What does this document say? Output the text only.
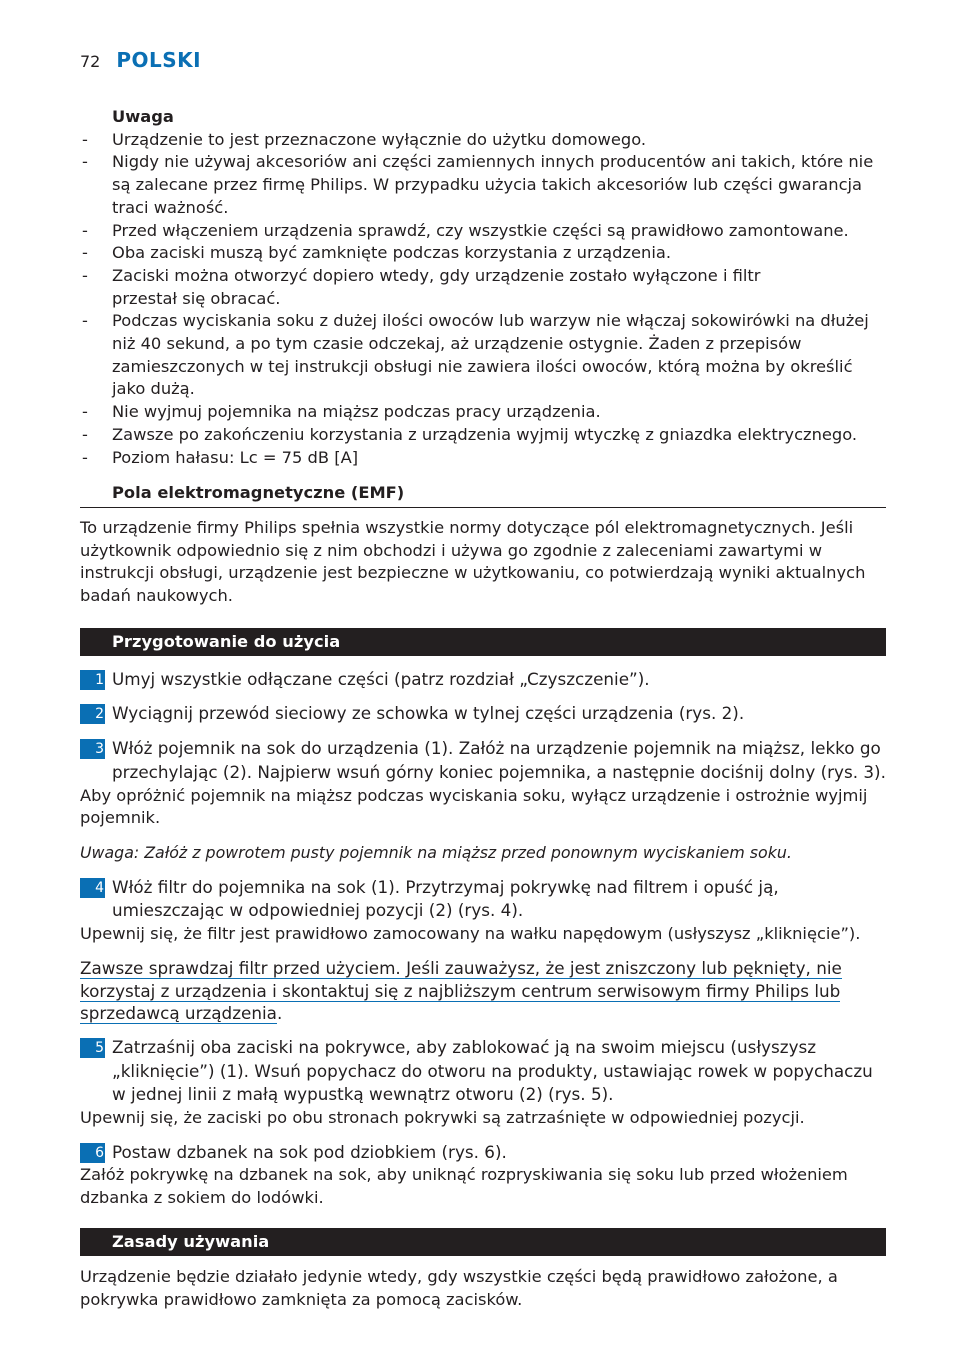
72 POLSKI
Uwaga
- Urządzenie to jest przeznaczone wyłącznie do użytku domowego.
- Nigdy nie używaj akcesoriów ani części zamiennych innych producentów ani takich, które nie są zalecane przez firmę Philips. W przypadku użycia takich akcesoriów lub części gwarancja traci ważność.
- Przed włączeniem urządzenia sprawdź, czy wszystkie części są prawidłowo zamontowane.
- Oba zaciski muszą być zamknięte podczas korzystania z urządzenia.
- Zaciski można otworzyć dopiero wtedy, gdy urządzenie zostało wyłączone i filtr przestał się obracać.
- Podczas wyciskania soku z dużej ilości owoców lub warzyw nie włączaj sokowirówki na dłużej niż 40 sekund, a po tym czasie odczekaj, aż urządzenie ostygnie. Żaden z przepisów zamieszczonych w tej instrukcji obsługi nie zawiera ilości owoców, którą można by określić jako dużą.
- Nie wyjmuj pojemnika na miąższ podczas pracy urządzenia.
- Zawsze po zakończeniu korzystania z urządzenia wyjmij wtyczkę z gniazdka elektrycznego.
- Poziom hałasu: Lc = 75 dB [A]
Pola elektromagnetyczne (EMF)

To urządzenie firmy Philips spełnia wszystkie normy dotyczące pól elektromagnetycznych. Jeśli użytkownik odpowiednio się z nim obchodzi i używa go zgodnie z zaleceniami zawartymi w instrukcji obsługi, urządzenie jest bezpieczne w użytkowaniu, co potwierdzają wyniki aktualnych badań naukowych.

Przygotowanie do użycia
1 Umyj wszystkie odłączane części (patrz rozdział „Czyszczenie”).
2 Wyciągnij przewód sieciowy ze schowka w tylnej części urządzenia (rys. 2).
3 Włóż pojemnik na sok do urządzenia (1). Załóż na urządzenie pojemnik na miąższ, lekko go przechylając (2). Najpierw wsuń górny koniec pojemnika, a następnie dociśnij dolny (rys. 3).

Aby opróżnić pojemnik na miąższ podczas wyciskania soku, wyłącz urządzenie i ostrożnie wyjmij pojemnik.

Uwaga: Załóż z powrotem pusty pojemnik na miąższ przed ponownym wyciskaniem soku.
4 Włóż filtr do pojemnika na sok (1). Przytrzymaj pokrywkę nad filtrem i opuść ją, umieszczając w odpowiedniej pozycji (2) (rys. 4).

Upewnij się, że filtr jest prawidłowo zamocowany na wałku napędowym (usłyszysz „kliknięcie”).

Zawsze sprawdzaj filtr przed użyciem. Jeśli zauważysz, że jest zniszczony lub pęknięty, nie
korzystaj z urządzenia i skontaktuj się z najbliższym centrum serwisowym firmy Philips lub
sprzedawcą urządzenia.
5 Zatrzaśnij oba zaciski na pokrywce, aby zablokować ją na swoim miejscu (usłyszysz „kliknięcie”) (1). Wsuń popychacz do otworu na produkty, ustawiając rowek w popychaczu w jednej linii z małą wypustką wewnątrz otworu (2) (rys. 5).

Upewnij się, że zaciski po obu stronach pokrywki są zatrzaśnięte w odpowiedniej pozycji.

6 Postaw dzbanek na sok pod dziobkiem (rys. 6).

Załóż pokrywkę na dzbanek na sok, aby uniknąć rozpryskiwania się soku lub przed włożeniem dzbanka z sokiem do lodówki.

Zasady używania

Urządzenie będzie działało jedynie wtedy, gdy wszystkie części będą prawidłowo założone, a pokrywka prawidłowo zamknięta za pomocą zacisków.
